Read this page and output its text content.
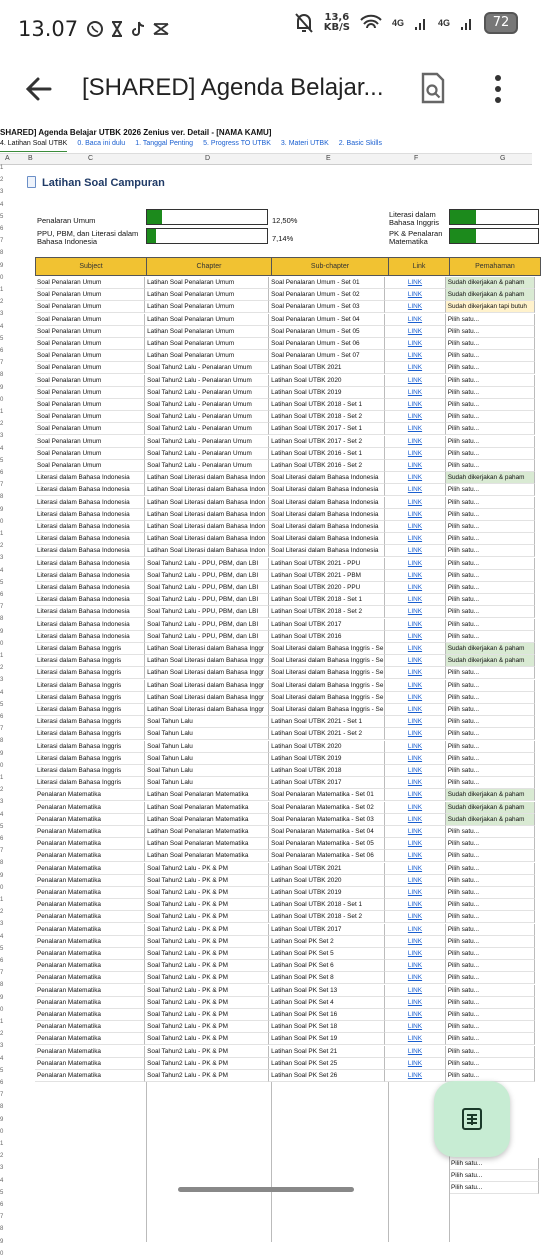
13.07	13,6
KB/S	4G	4G	72
[SHARED] Agenda Belajar...
SHARED] Agenda Belajar UTBK 2026 Zenius ver. Detail - [NAMA KAMU]
4. Latihan Soal UTBK 0. Baca ini dulu 1. Tanggal Penting 5. Progress TO UTBK 3. Materi UTBK 2. Basic Skills
A	B	C	D	E	F	G
1
2
3
4
5
6
7
8
9
0
1
2
3
4
5
6
7
8
9
0
1
2
3
4
5
6
7
8
9
0
1
2
3
4
5
6
7
8
9
0
1
2
3
4
5
6
7
8
9
0
1
2
3
4
5
6
7
8
9
0
1
2
3
4
5
6
7
8
9
0
1
2
3
4
5
6
7
8
9
0
1
2
3
4
5
6
7
8
9
0
Latihan Soal Campuran
Penalaran Umum	12,50%
PPU, PBM, dan Literasi dalam Bahasa Indonesia	7,14%
Literasi dalam Bahasa Inggris
PK & Penalaran Matematika
Subject	Chapter	Sub-chapter	Link	Pemahaman
Soal Penalaran Umum	Latihan Soal Penalaran Umum	Soal Penalaran Umum - Set 01	LINK	Sudah dikerjakan & paham
Soal Penalaran Umum	Latihan Soal Penalaran Umum	Soal Penalaran Umum - Set 02	LINK	Sudah dikerjakan & paham
Soal Penalaran Umum	Latihan Soal Penalaran Umum	Soal Penalaran Umum - Set 03	LINK	Sudah dikerjakan tapi butuh
Soal Penalaran Umum	Latihan Soal Penalaran Umum	Soal Penalaran Umum - Set 04	LINK	Pilih satu...
Soal Penalaran Umum	Latihan Soal Penalaran Umum	Soal Penalaran Umum - Set 05	LINK	Pilih satu...
Soal Penalaran Umum	Latihan Soal Penalaran Umum	Soal Penalaran Umum - Set 06	LINK	Pilih satu...
Soal Penalaran Umum	Latihan Soal Penalaran Umum	Soal Penalaran Umum - Set 07	LINK	Pilih satu...
Soal Penalaran Umum	Soal Tahun2 Lalu - Penalaran Umum	Latihan Soal UTBK 2021	LINK	Pilih satu...
Soal Penalaran Umum	Soal Tahun2 Lalu - Penalaran Umum	Latihan Soal UTBK 2020	LINK	Pilih satu...
Soal Penalaran Umum	Soal Tahun2 Lalu - Penalaran Umum	Latihan Soal UTBK 2019	LINK	Pilih satu...
Soal Penalaran Umum	Soal Tahun2 Lalu - Penalaran Umum	Latihan Soal UTBK 2018 - Set 1	LINK	Pilih satu...
Soal Penalaran Umum	Soal Tahun2 Lalu - Penalaran Umum	Latihan Soal UTBK 2018 - Set 2	LINK	Pilih satu...
Soal Penalaran Umum	Soal Tahun2 Lalu - Penalaran Umum	Latihan Soal UTBK 2017 - Set 1	LINK	Pilih satu...
Soal Penalaran Umum	Soal Tahun2 Lalu - Penalaran Umum	Latihan Soal UTBK 2017 - Set 2	LINK	Pilih satu...
Soal Penalaran Umum	Soal Tahun2 Lalu - Penalaran Umum	Latihan Soal UTBK 2016 - Set 1	LINK	Pilih satu...
Soal Penalaran Umum	Soal Tahun2 Lalu - Penalaran Umum	Latihan Soal UTBK 2016 - Set 2	LINK	Pilih satu...
Literasi dalam Bahasa Indonesia	Latihan Soal Literasi dalam Bahasa Indon Soal Literasi dalam Bahasa Indonesia	LINK	Sudah dikerjakan & paham
Literasi dalam Bahasa Indonesia	Latihan Soal Literasi dalam Bahasa Indon Soal Literasi dalam Bahasa Indonesia	LINK	Pilih satu...
Literasi dalam Bahasa Indonesia	Latihan Soal Literasi dalam Bahasa Indon Soal Literasi dalam Bahasa Indonesia	LINK	Pilih satu...
Literasi dalam Bahasa Indonesia	Latihan Soal Literasi dalam Bahasa Indon Soal Literasi dalam Bahasa Indonesia	LINK	Pilih satu...
Literasi dalam Bahasa Indonesia	Latihan Soal Literasi dalam Bahasa Indon Soal Literasi dalam Bahasa Indonesia	LINK	Pilih satu...
Literasi dalam Bahasa Indonesia	Latihan Soal Literasi dalam Bahasa Indon Soal Literasi dalam Bahasa Indonesia	LINK	Pilih satu...
Literasi dalam Bahasa Indonesia	Latihan Soal Literasi dalam Bahasa Indon Soal Literasi dalam Bahasa Indonesia	LINK	Pilih satu...
Literasi dalam Bahasa Indonesia	Soal Tahun2 Lalu - PPU, PBM, dan LBI	Latihan Soal UTBK 2021 - PPU	LINK	Pilih satu...
Literasi dalam Bahasa Indonesia	Soal Tahun2 Lalu - PPU, PBM, dan LBI	Latihan Soal UTBK 2021 - PBM	LINK	Pilih satu...
Literasi dalam Bahasa Indonesia	Soal Tahun2 Lalu - PPU, PBM, dan LBI	Latihan Soal UTBK 2020 - PPU	LINK	Pilih satu...
Literasi dalam Bahasa Indonesia	Soal Tahun2 Lalu - PPU, PBM, dan LBI	Latihan Soal UTBK 2018 - Set 1	LINK	Pilih satu...
Literasi dalam Bahasa Indonesia	Soal Tahun2 Lalu - PPU, PBM, dan LBI	Latihan Soal UTBK 2018 - Set 2	LINK	Pilih satu...
Literasi dalam Bahasa Indonesia	Soal Tahun2 Lalu - PPU, PBM, dan LBI	Latihan Soal UTBK 2017	LINK	Pilih satu...
Literasi dalam Bahasa Indonesia	Soal Tahun2 Lalu - PPU, PBM, dan LBI	Latihan Soal UTBK 2016	LINK	Pilih satu...
Literasi dalam Bahasa Inggris	Latihan Soal Literasi dalam Bahasa Inggr	Soal Literasi dalam Bahasa Inggris - Se	LINK	Sudah dikerjakan & paham
Literasi dalam Bahasa Inggris	Latihan Soal Literasi dalam Bahasa Inggr	Soal Literasi dalam Bahasa Inggris - Se	LINK	Sudah dikerjakan & paham
Literasi dalam Bahasa Inggris	Latihan Soal Literasi dalam Bahasa Inggr	Soal Literasi dalam Bahasa Inggris - Se	LINK	Pilih satu...
Literasi dalam Bahasa Inggris	Latihan Soal Literasi dalam Bahasa Inggr	Soal Literasi dalam Bahasa Inggris - Se	LINK	Pilih satu...
Literasi dalam Bahasa Inggris	Latihan Soal Literasi dalam Bahasa Inggr	Soal Literasi dalam Bahasa Inggris - Se	LINK	Pilih satu...
Literasi dalam Bahasa Inggris	Latihan Soal Literasi dalam Bahasa Inggr	Soal Literasi dalam Bahasa Inggris - Se	LINK	Pilih satu...
Literasi dalam Bahasa Inggris	Soal Tahun Lalu	Latihan Soal UTBK 2021 - Set 1	LINK	Pilih satu...
Literasi dalam Bahasa Inggris	Soal Tahun Lalu	Latihan Soal UTBK 2021 - Set 2	LINK	Pilih satu...
Literasi dalam Bahasa Inggris	Soal Tahun Lalu	Latihan Soal UTBK 2020	LINK	Pilih satu...
Literasi dalam Bahasa Inggris	Soal Tahun Lalu	Latihan Soal UTBK 2019	LINK	Pilih satu...
Literasi dalam Bahasa Inggris	Soal Tahun Lalu	Latihan Soal UTBK 2018	LINK	Pilih satu...
Literasi dalam Bahasa Inggris	Soal Tahun Lalu	Latihan Soal UTBK 2017	LINK	Pilih satu...
Penalaran Matematika	Latihan Soal Penalaran Matematika	Soal Penalaran Matematika - Set 01	LINK	Sudah dikerjakan & paham
Penalaran Matematika	Latihan Soal Penalaran Matematika	Soal Penalaran Matematika - Set 02	LINK	Sudah dikerjakan & paham
Penalaran Matematika	Latihan Soal Penalaran Matematika	Soal Penalaran Matematika - Set 03	LINK	Sudah dikerjakan & paham
Penalaran Matematika	Latihan Soal Penalaran Matematika	Soal Penalaran Matematika - Set 04	LINK	Pilih satu...
Penalaran Matematika	Latihan Soal Penalaran Matematika	Soal Penalaran Matematika - Set 05	LINK	Pilih satu...
Penalaran Matematika	Latihan Soal Penalaran Matematika	Soal Penalaran Matematika - Set 06	LINK	Pilih satu...
Penalaran Matematika	Soal Tahun2 Lalu - PK & PM	Latihan Soal UTBK 2021	LINK	Pilih satu...
Penalaran Matematika	Soal Tahun2 Lalu - PK & PM	Latihan Soal UTBK 2020	LINK	Pilih satu...
Penalaran Matematika	Soal Tahun2 Lalu - PK & PM	Latihan Soal UTBK 2019	LINK	Pilih satu...
Penalaran Matematika	Soal Tahun2 Lalu - PK & PM	Latihan Soal UTBK 2018 - Set 1	LINK	Pilih satu...
Penalaran Matematika	Soal Tahun2 Lalu - PK & PM	Latihan Soal UTBK 2018 - Set 2	LINK	Pilih satu...
Penalaran Matematika	Soal Tahun2 Lalu - PK & PM	Latihan Soal UTBK 2017	LINK	Pilih satu...
Penalaran Matematika	Soal Tahun2 Lalu - PK & PM	Latihan Soal PK Set 2	LINK	Pilih satu...
Penalaran Matematika	Soal Tahun2 Lalu - PK & PM	Latihan Soal PK Set 5	LINK	Pilih satu...
Penalaran Matematika	Soal Tahun2 Lalu - PK & PM	Latihan Soal PK Set 6	LINK	Pilih satu...
Penalaran Matematika	Soal Tahun2 Lalu - PK & PM	Latihan Soal PK Set 8	LINK	Pilih satu...
Penalaran Matematika	Soal Tahun2 Lalu - PK & PM	Latihan Soal PK Set 13	LINK	Pilih satu...
Penalaran Matematika	Soal Tahun2 Lalu - PK & PM	Latihan Soal PK Set 4	LINK	Pilih satu...
Penalaran Matematika	Soal Tahun2 Lalu - PK & PM	Latihan Soal PK Set 16	LINK	Pilih satu...
Penalaran Matematika	Soal Tahun2 Lalu - PK & PM	Latihan Soal PK Set 18	LINK	Pilih satu...
Penalaran Matematika	Soal Tahun2 Lalu - PK & PM	Latihan Soal PK Set 19	LINK	Pilih satu...
Penalaran Matematika	Soal Tahun2 Lalu - PK & PM	Latihan Soal PK Set 21	LINK	Pilih satu...
Penalaran Matematika	Soal Tahun2 Lalu - PK & PM	Latihan Soal PK Set 25	LINK	Pilih satu...
Penalaran Matematika	Soal Tahun2 Lalu - PK & PM	Latihan Soal PK Set 26	LINK	Pilih satu...
Pilih satu...
Pilih satu...
Pilih satu...
